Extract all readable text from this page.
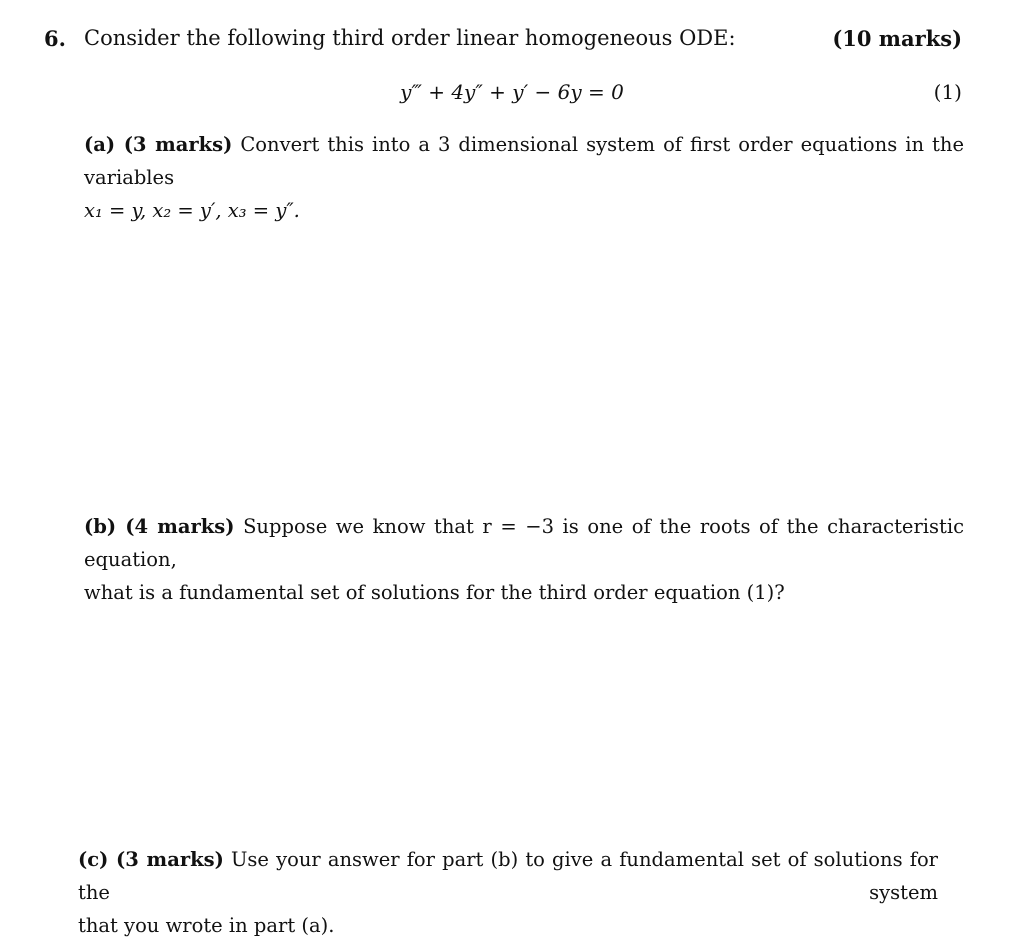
6. Consider the following third order linear homogeneous ODE:	(10 marks)
y‴ + 4y″ + y′ − 6y = 0	(1)
(a) (3 marks) Convert this into a 3 dimensional system of first order equations in the variables
x₁ = y, x₂ = y′, x₃ = y″.
(b) (4 marks) Suppose we know that r = −3 is one of the roots of the characteristic equation,
what is a fundamental set of solutions for the third order equation (1)?
(c) (3 marks) Use your answer for part (b) to give a fundamental set of solutions for the system
that you wrote in part (a).
